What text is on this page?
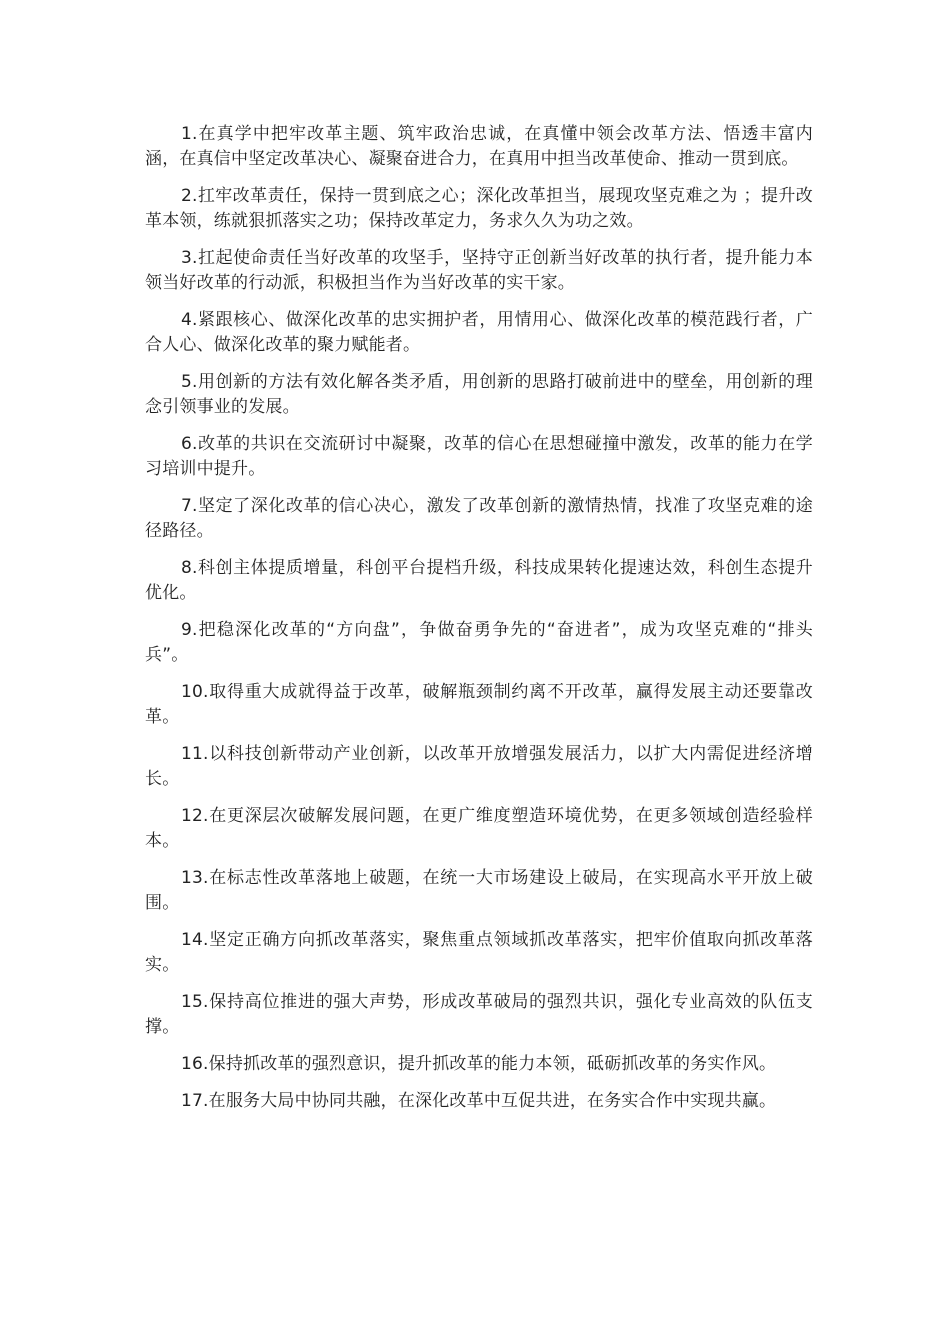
1.在真学中把牢改革主题、筑牢政治忠诚，在真懂中领会改革方法、悟透丰富内涵，在真信中坚定改革决心、凝聚奋进合力，在真用中担当改革使命、推动一贯到底。

2.扛牢改革责任，保持一贯到底之心；深化改革担当，展现攻坚克难之为 ；提升改革本领，练就狠抓落实之功；保持改革定力，务求久久为功之效。

3.扛起使命责任当好改革的攻坚手，坚持守正创新当好改革的执行者，提升能力本领当好改革的行动派，积极担当作为当好改革的实干家。

4.紧跟核心、做深化改革的忠实拥护者，用情用心、做深化改革的模范践行者，广合人心、做深化改革的聚力赋能者。

5.用创新的方法有效化解各类矛盾，用创新的思路打破前进中的壁垒，用创新的理念引领事业的发展。

6.改革的共识在交流研讨中凝聚，改革的信心在思想碰撞中激发，改革的能力在学习培训中提升。

7.坚定了深化改革的信心决心，激发了改革创新的激情热情，找准了攻坚克难的途径路径。

8.科创主体提质增量，科创平台提档升级，科技成果转化提速达效，科创生态提升优化。

9.把稳深化改革的“方向盘”，争做奋勇争先的“奋进者”，成为攻坚克难的“排头兵”。

10.取得重大成就得益于改革，破解瓶颈制约离不开改革，赢得发展主动还要靠改革。

11.以科技创新带动产业创新，以改革开放增强发展活力，以扩大内需促进经济增长。

12.在更深层次破解发展问题，在更广维度塑造环境优势，在更多领域创造经验样本。

13.在标志性改革落地上破题，在统一大市场建设上破局，在实现高水平开放上破围。

14.坚定正确方向抓改革落实，聚焦重点领域抓改革落实，把牢价值取向抓改革落实。

15.保持高位推进的强大声势，形成改革破局的强烈共识，强化专业高效的队伍支撑。

16.保持抓改革的强烈意识，提升抓改革的能力本领，砥砺抓改革的务实作风。

17.在服务大局中协同共融，在深化改革中互促共进，在务实合作中实现共赢。
